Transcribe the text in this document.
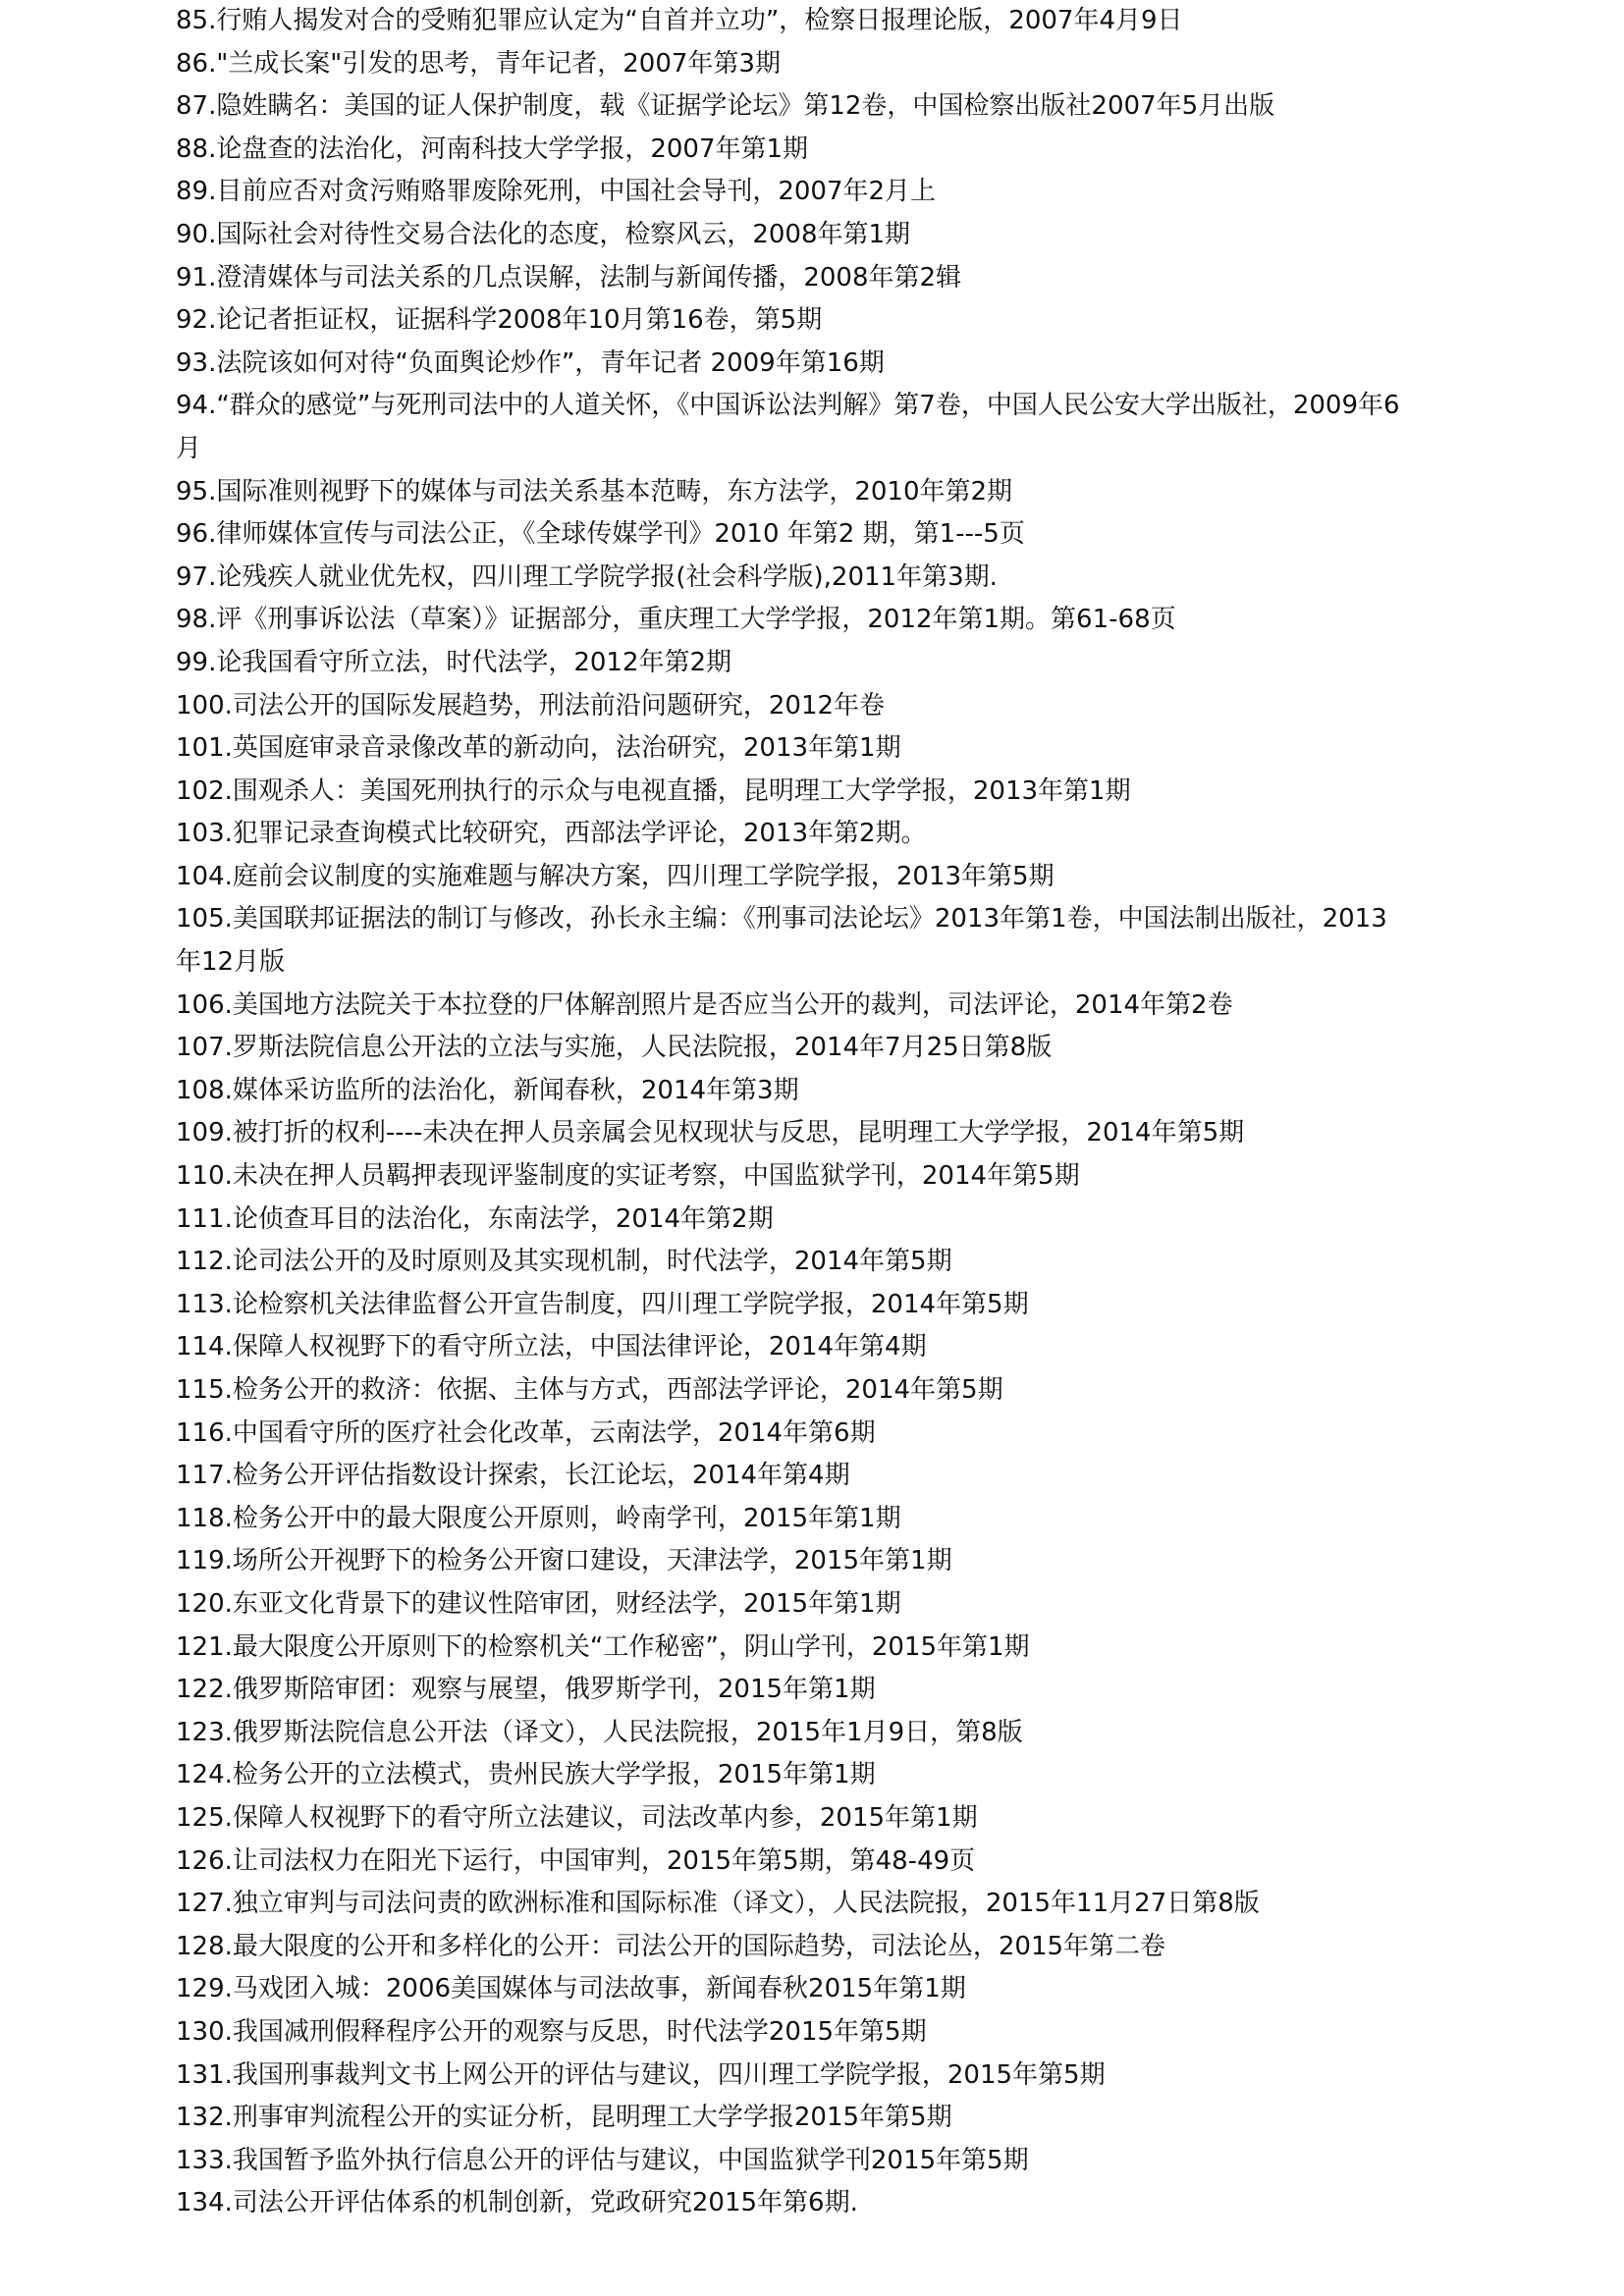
85.行贿人揭发对合的受贿犯罪应认定为“自首并立功”，检察日报理论版，2007年4月9日

86."兰成长案"引发的思考，青年记者，2007年第3期

87.隐姓瞒名：美国的证人保护制度，载《证据学论坛》第12卷，中国检察出版社2007年5月出版

88.论盘查的法治化，河南科技大学学报，2007年第1期

89.目前应否对贪污贿赂罪废除死刑，中国社会导刊，2007年2月上

90.国际社会对待性交易合法化的态度，检察风云，2008年第1期

91.澄清媒体与司法关系的几点误解，法制与新闻传播，2008年第2辑

92.论记者拒证权，证据科学2008年10月第16卷，第5期

93.法院该如何对待“负面舆论炒作”，青年记者 2009年第16期

94.“群众的感觉”与死刑司法中的人道关怀，《中国诉讼法判解》第7卷，中国人民公安大学出版社，2009年6月

95.国际准则视野下的媒体与司法关系基本范畴，东方法学，2010年第2期

96.律师媒体宣传与司法公正，《全球传媒学刊》2010 年第2 期，第1---5页

97.论残疾人就业优先权，四川理工学院学报(社会科学版),2011年第3期.

98.评《刑事诉讼法（草案）》证据部分，重庆理工大学学报，2012年第1期。第61-68页

99.论我国看守所立法，时代法学，2012年第2期

100.司法公开的国际发展趋势，刑法前沿问题研究，2012年卷

101.英国庭审录音录像改革的新动向，法治研究，2013年第1期

102.围观杀人：美国死刑执行的示众与电视直播，昆明理工大学学报，2013年第1期

103.犯罪记录查询模式比较研究，西部法学评论，2013年第2期。

104.庭前会议制度的实施难题与解决方案，四川理工学院学报，2013年第5期

105.美国联邦证据法的制订与修改，孙长永主编：《刑事司法论坛》2013年第1卷，中国法制出版社，2013年12月版

106.美国地方法院关于本拉登的尸体解剖照片是否应当公开的裁判，司法评论，2014年第2卷

107.罗斯法院信息公开法的立法与实施，人民法院报，2014年7月25日第8版

108.媒体采访监所的法治化，新闻春秋，2014年第3期

109.被打折的权利----未决在押人员亲属会见权现状与反思，昆明理工大学学报，2014年第5期

110.未决在押人员羁押表现评鉴制度的实证考察，中国监狱学刊，2014年第5期

111.论侦查耳目的法治化，东南法学，2014年第2期

112.论司法公开的及时原则及其实现机制，时代法学，2014年第5期

113.论检察机关法律监督公开宣告制度，四川理工学院学报，2014年第5期

114.保障人权视野下的看守所立法，中国法律评论，2014年第4期

115.检务公开的救济：依据、主体与方式，西部法学评论，2014年第5期

116.中国看守所的医疗社会化改革，云南法学，2014年第6期

117.检务公开评估指数设计探索，长江论坛，2014年第4期

118.检务公开中的最大限度公开原则，岭南学刊，2015年第1期

119.场所公开视野下的检务公开窗口建设，天津法学，2015年第1期

120.东亚文化背景下的建议性陪审团，财经法学，2015年第1期

121.最大限度公开原则下的检察机关“工作秘密”，阴山学刊，2015年第1期

122.俄罗斯陪审团：观察与展望，俄罗斯学刊，2015年第1期

123.俄罗斯法院信息公开法（译文），人民法院报，2015年1月9日，第8版

124.检务公开的立法模式，贵州民族大学学报，2015年第1期

125.保障人权视野下的看守所立法建议，司法改革内参，2015年第1期

126.让司法权力在阳光下运行，中国审判，2015年第5期，第48-49页

127.独立审判与司法问责的欧洲标准和国际标准（译文），人民法院报，2015年11月27日第8版

128.最大限度的公开和多样化的公开：司法公开的国际趋势，司法论丛，2015年第二卷

129.马戏团入城：2006美国媒体与司法故事，新闻春秋2015年第1期

130.我国减刑假释程序公开的观察与反思，时代法学2015年第5期

131.我国刑事裁判文书上网公开的评估与建议，四川理工学院学报，2015年第5期

132.刑事审判流程公开的实证分析，昆明理工大学学报2015年第5期

133.我国暂予监外执行信息公开的评估与建议，中国监狱学刊2015年第5期

134.司法公开评估体系的机制创新，党政研究2015年第6期.
